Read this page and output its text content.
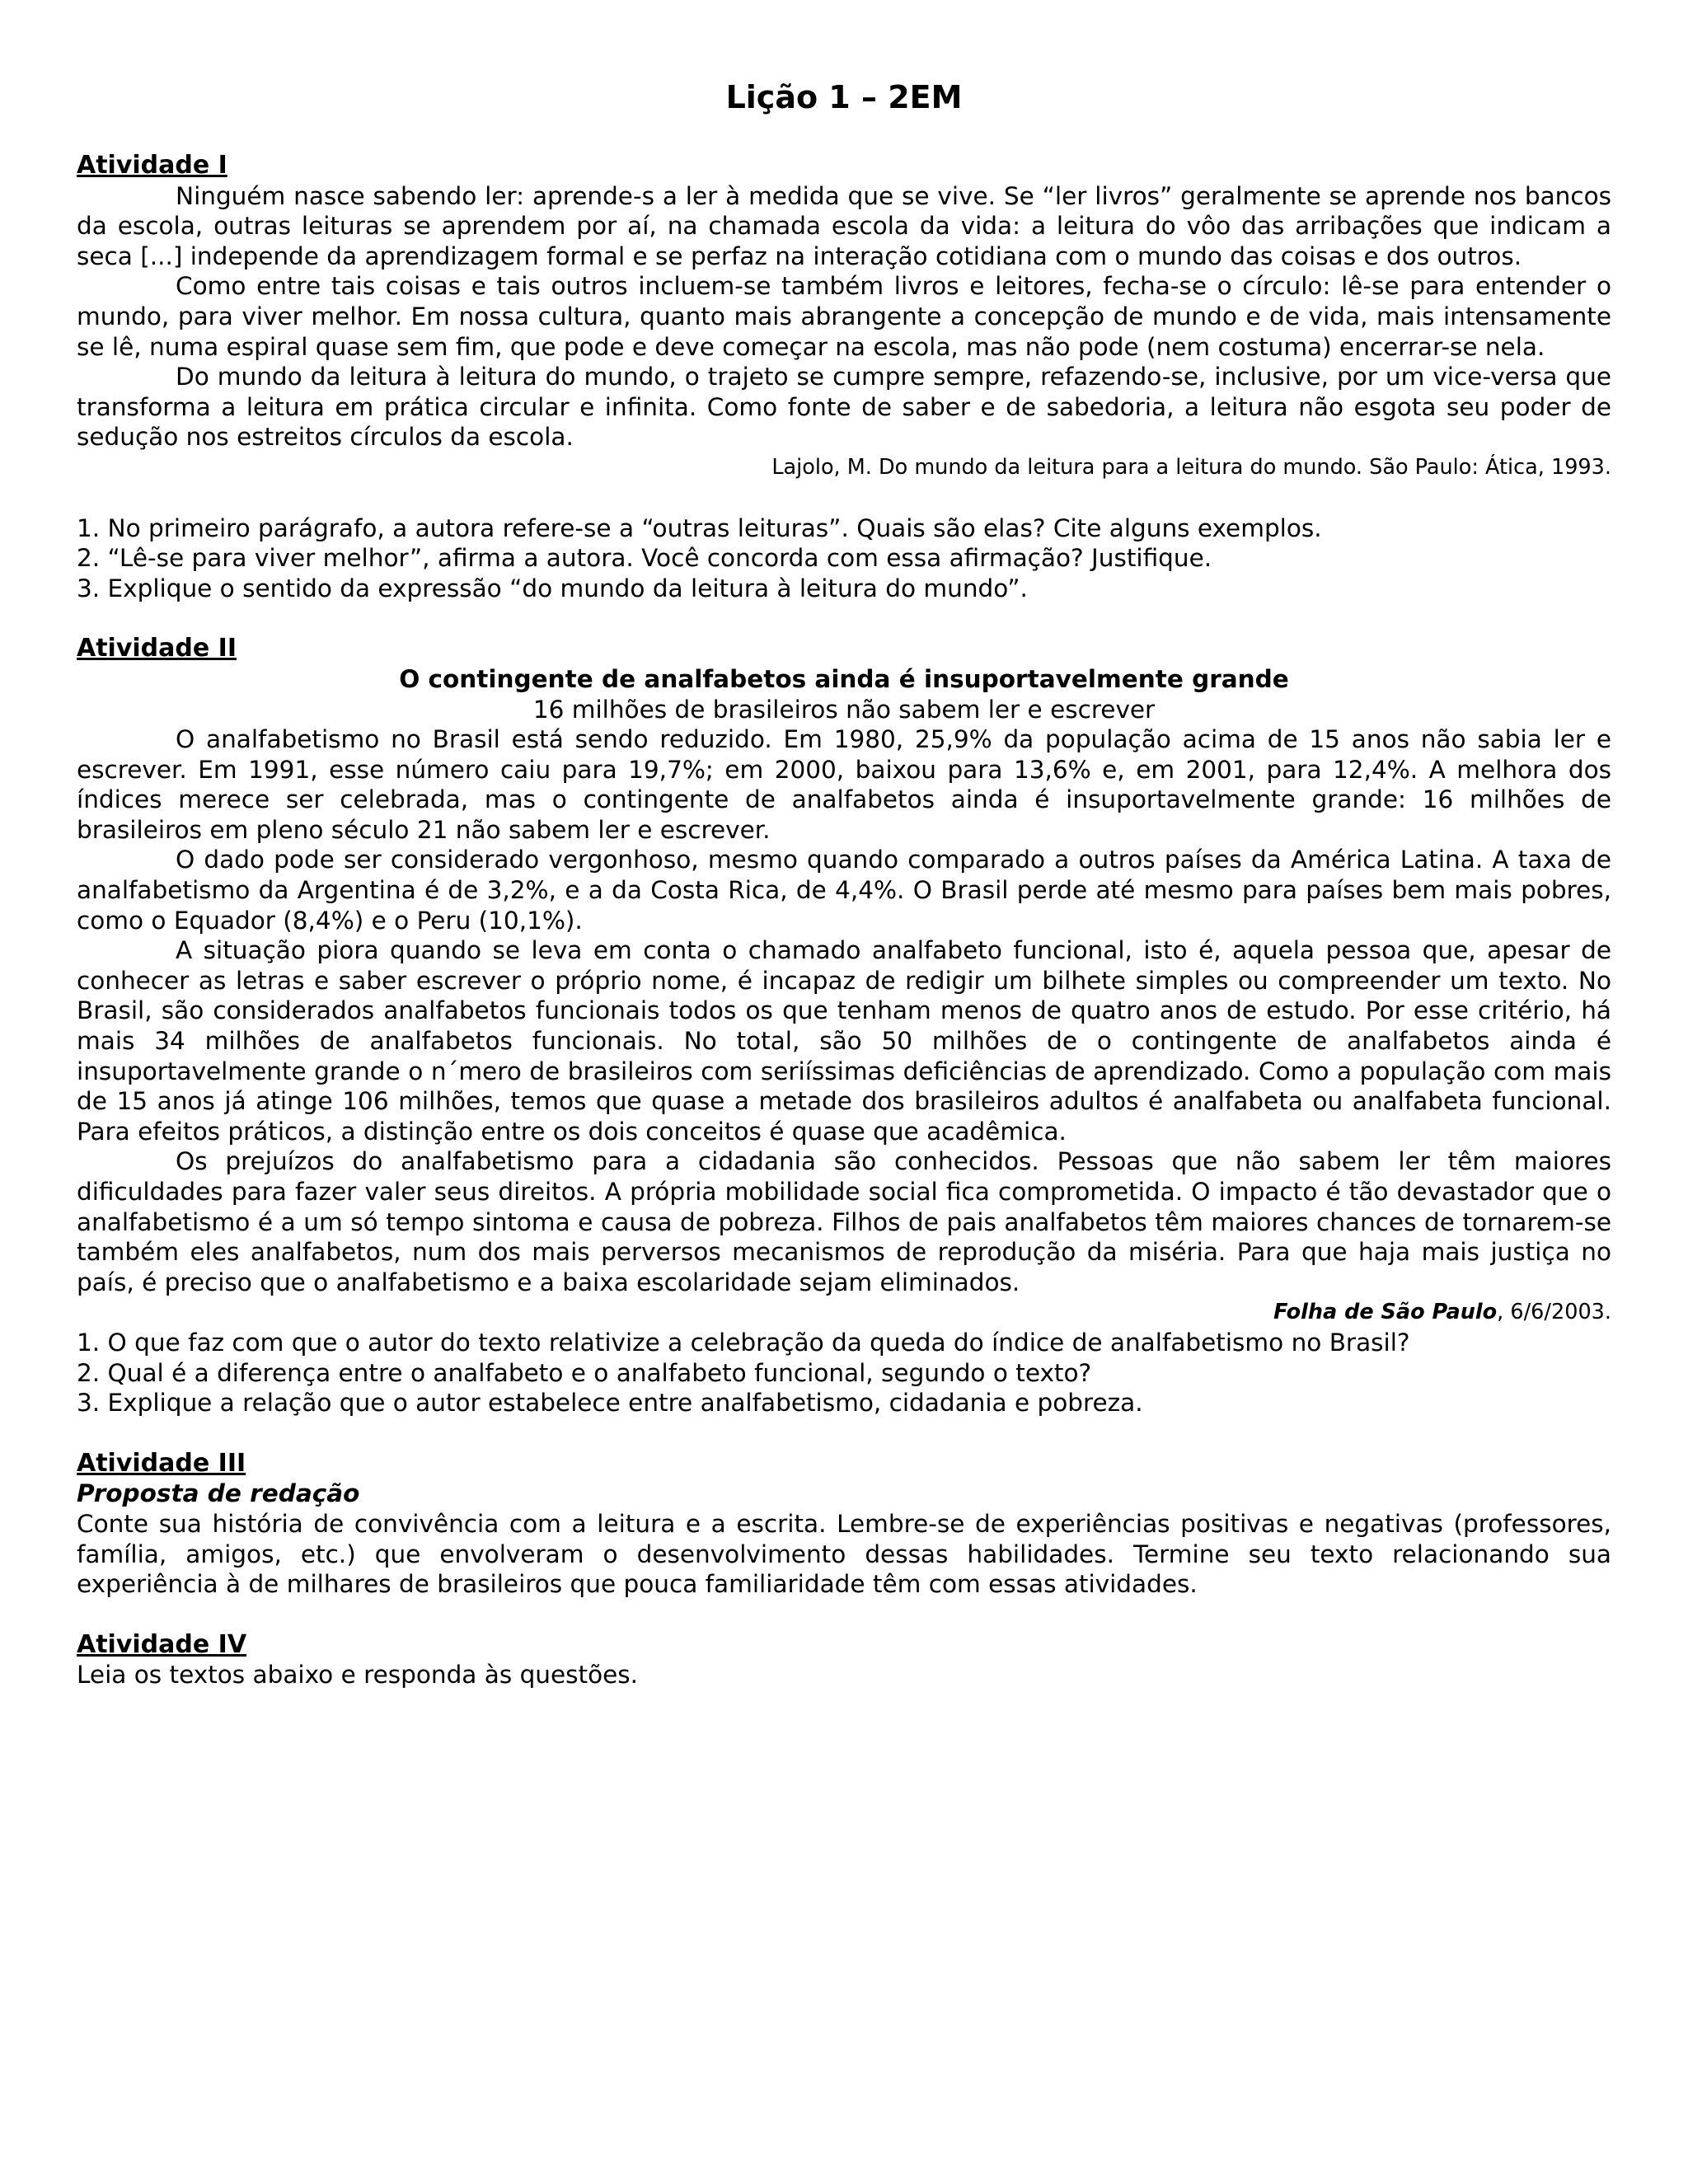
Lição 1 – 2EM

Atividade I

Ninguém nasce sabendo ler: aprende-s a ler à medida que se vive. Se “ler livros” geralmente se aprende nos bancos da escola, outras leituras se aprendem por aí, na chamada escola da vida: a leitura do vôo das arribações que indicam a seca [...] independe da aprendizagem formal e se perfaz na interação cotidiana com o mundo das coisas e dos outros.

Como entre tais coisas e tais outros incluem-se também livros e leitores, fecha-se o círculo: lê-se para entender o mundo, para viver melhor. Em nossa cultura, quanto mais abrangente a concepção de mundo e de vida, mais intensamente se lê, numa espiral quase sem fim, que pode e deve começar na escola, mas não pode (nem costuma) encerrar-se nela.

Do mundo da leitura à leitura do mundo, o trajeto se cumpre sempre, refazendo-se, inclusive, por um vice-versa que transforma a leitura em prática circular e infinita. Como fonte de saber e de sabedoria, a leitura não esgota seu poder de sedução nos estreitos círculos da escola.

Lajolo, M. Do mundo da leitura para a leitura do mundo. São Paulo: Ática, 1993.

1. No primeiro parágrafo, a autora refere-se a “outras leituras”. Quais são elas? Cite alguns exemplos.

2. “Lê-se para viver melhor”, afirma a autora. Você concorda com essa afirmação? Justifique.

3. Explique o sentido da expressão “do mundo da leitura à leitura do mundo”.

Atividade II

O contingente de analfabetos ainda é insuportavelmente grande

16 milhões de brasileiros não sabem ler e escrever

O analfabetismo no Brasil está sendo reduzido. Em 1980, 25,9% da população acima de 15 anos não sabia ler e escrever. Em 1991, esse número caiu para 19,7%; em 2000, baixou para 13,6% e, em 2001, para 12,4%. A melhora dos índices merece ser celebrada, mas o contingente de analfabetos ainda é insuportavelmente grande: 16 milhões de brasileiros em pleno século 21 não sabem ler e escrever.

O dado pode ser considerado vergonhoso, mesmo quando comparado a outros países da América Latina. A taxa de analfabetismo da Argentina é de 3,2%, e a da Costa Rica, de 4,4%. O Brasil perde até mesmo para países bem mais pobres, como o Equador (8,4%) e o Peru (10,1%).

A situação piora quando se leva em conta o chamado analfabeto funcional, isto é, aquela pessoa que, apesar de conhecer as letras e saber escrever o próprio nome, é incapaz de redigir um bilhete simples ou compreender um texto. No Brasil, são considerados analfabetos funcionais todos os que tenham menos de quatro anos de estudo. Por esse critério, há mais 34 milhões de analfabetos funcionais. No total, são 50 milhões de o contingente de analfabetos ainda é insuportavelmente grande o n´mero de brasileiros com seriíssimas deficiências de aprendizado. Como a população com mais de 15 anos já atinge 106 milhões, temos que quase a metade dos brasileiros adultos é analfabeta ou analfabeta funcional. Para efeitos práticos, a distinção entre os dois conceitos é quase que acadêmica.

Os prejuízos do analfabetismo para a cidadania são conhecidos. Pessoas que não sabem ler têm maiores dificuldades para fazer valer seus direitos. A própria mobilidade social fica comprometida. O impacto é tão devastador que o analfabetismo é a um só tempo sintoma e causa de pobreza. Filhos de pais analfabetos têm maiores chances de tornarem-se também eles analfabetos, num dos mais perversos mecanismos de reprodução da miséria. Para que haja mais justiça no país, é preciso que o analfabetismo e a baixa escolaridade sejam eliminados.

Folha de São Paulo, 6/6/2003.

1. O que faz com que o autor do texto relativize a celebração da queda do índice de analfabetismo no Brasil?

2. Qual é a diferença entre o analfabeto e o analfabeto funcional, segundo o texto?

3. Explique a relação que o autor estabelece entre analfabetismo, cidadania e pobreza.

Atividade III

Proposta de redação

Conte sua história de convivência com a leitura e a escrita. Lembre-se de experiências positivas e negativas (professores, família, amigos, etc.) que envolveram o desenvolvimento dessas habilidades. Termine seu texto relacionando sua experiência à de milhares de brasileiros que pouca familiaridade têm com essas atividades.

Atividade IV

Leia os textos abaixo e responda às questões.
